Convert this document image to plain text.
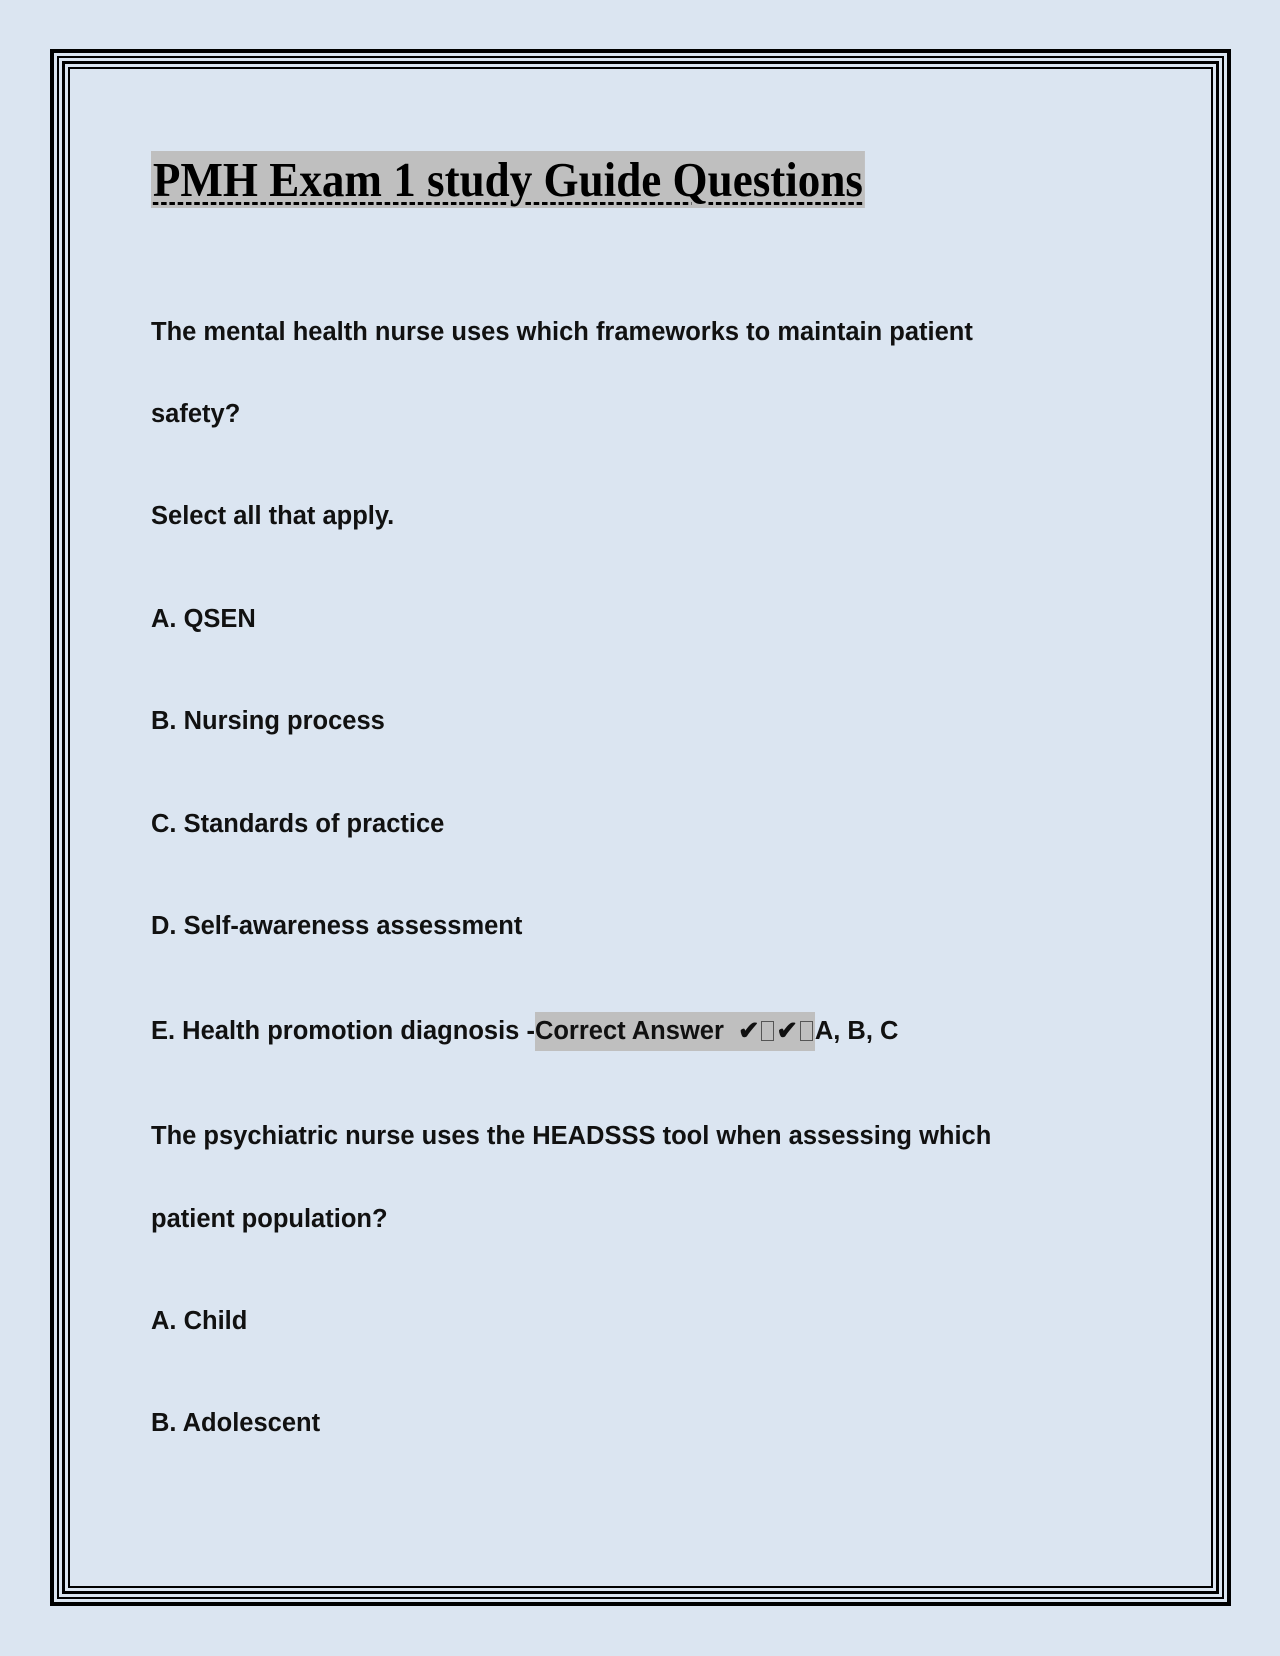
PMH Exam 1 study Guide Questions
The mental health nurse uses which frameworks to maintain patient
safety?
Select all that apply.
A. QSEN
B. Nursing process
C. Standards of practice
D. Self-awareness assessment
E. Health promotion diagnosis -Correct Answer ✔ ✔ A, B, C
The psychiatric nurse uses the HEADSSS tool when assessing which
patient population?
A. Child
B. Adolescent
